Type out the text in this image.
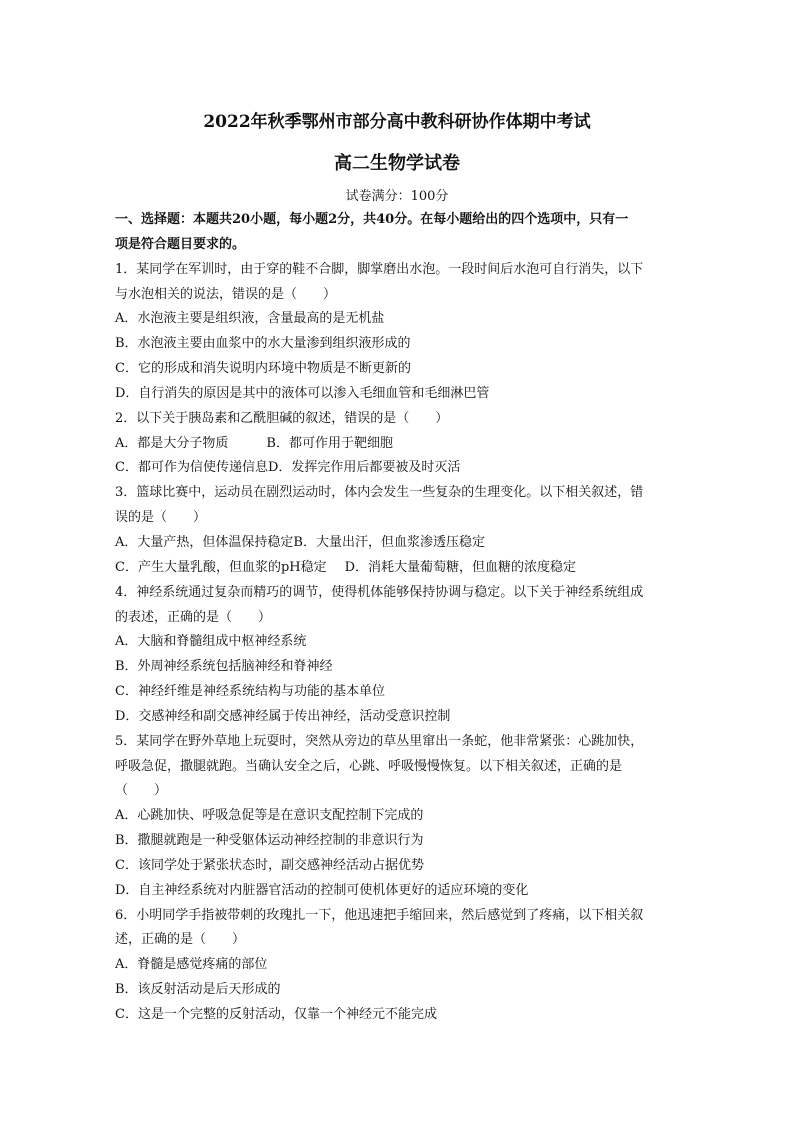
2022年秋季鄂州市部分高中教科研协作体期中考试
高二生物学试卷

试卷满分：100分

一、选择题：本题共20小题，每小题2分，共40分。在每小题给出的四个选项中，只有一
项是符合题目要求的。
1．某同学在军训时，由于穿的鞋不合脚，脚掌磨出水泡。一段时间后水泡可自行消失，以下
与水泡相关的说法，错误的是（　　）
A．水泡液主要是组织液，含量最高的是无机盐
B．水泡液主要由血浆中的水大量渗到组织液形成的
C．它的形成和消失说明内环境中物质是不断更新的
D．自行消失的原因是其中的液体可以渗入毛细血管和毛细淋巴管
2．以下关于胰岛素和乙酰胆碱的叙述，错误的是（　　）
A．都是大分子物质	B．都可作用于靶细胞
C．都可作为信使传递信息D．发挥完作用后都要被及时灭活
3．篮球比赛中，运动员在剧烈运动时，体内会发生一些复杂的生理变化。以下相关叙述，错
误的是（　　）
A．大量产热，但体温保持稳定B．大量出汗，但血浆渗透压稳定
C．产生大量乳酸，但血浆的pH稳定 D．消耗大量葡萄糖，但血糖的浓度稳定
4．神经系统通过复杂而精巧的调节，使得机体能够保持协调与稳定。以下关于神经系统组成
的表述，正确的是（　　）
A．大脑和脊髓组成中枢神经系统
B．外周神经系统包括脑神经和脊神经
C．神经纤维是神经系统结构与功能的基本单位
D．交感神经和副交感神经属于传出神经，活动受意识控制
5．某同学在野外草地上玩耍时，突然从旁边的草丛里窜出一条蛇，他非常紧张：心跳加快，
呼吸急促，撒腿就跑。当确认安全之后，心跳、呼吸慢慢恢复。以下相关叙述，正确的是
（　　）
A．心跳加快、呼吸急促等是在意识支配控制下完成的
B．撒腿就跑是一种受躯体运动神经控制的非意识行为
C．该同学处于紧张状态时，副交感神经活动占据优势
D．自主神经系统对内脏器官活动的控制可使机体更好的适应环境的变化
6．小明同学手指被带刺的玫瑰扎一下，他迅速把手缩回来，然后感觉到了疼痛，以下相关叙
述，正确的是（　　）
A．脊髓是感觉疼痛的部位
B．该反射活动是后天形成的
C．这是一个完整的反射活动，仅靠一个神经元不能完成
